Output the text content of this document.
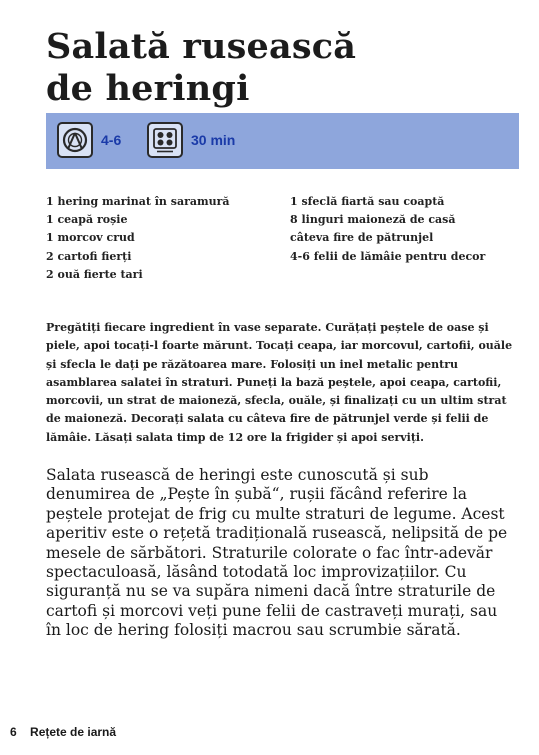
Salată rusească
de heringi
4-6	30 min
1 hering marinat în saramură
1 ceapă roșie
1 morcov crud
2 cartofi fierți
2 ouă fierte tari
1 sfeclă fiartă sau coaptă
8 linguri maioneză de casă
câteva fire de pătrunjel
4-6 felii de lămâie pentru decor
Pregătiți fiecare ingredient în vase separate. Curățați peștele de oase și
piele, apoi tocați-l foarte mărunt. Tocați ceapa, iar morcovul, cartofii, ouăle
și sfecla le dați pe răzătoarea mare. Folosiți un inel metalic pentru
asamblarea salatei în straturi. Puneți la bază peștele, apoi ceapa, cartofii,
morcovii, un strat de maioneză, sfecla, ouăle, și finalizați cu un ultim strat
de maioneză. Decorați salata cu câteva fire de pătrunjel verde și felii de
lămâie. Lăsați salata timp de 12 ore la frigider și apoi serviți.
Salata rusească de heringi este cunoscută și sub
denumirea de „Pește în șubă“, rușii făcând referire la
peștele protejat de frig cu multe straturi de legume. Acest
aperitiv este o rețetă tradițională rusească, nelipsită de pe
mesele de sărbători. Straturile colorate o fac într-adevăr
spectaculoasă, lăsând totodată loc improvizațiilor. Cu
siguranță nu se va supăra nimeni dacă între straturile de
cartofi și morcovi veți pune felii de castraveți murați, sau
în loc de hering folosiți macrou sau scrumbie sărată.
6 Rețete de iarnă
